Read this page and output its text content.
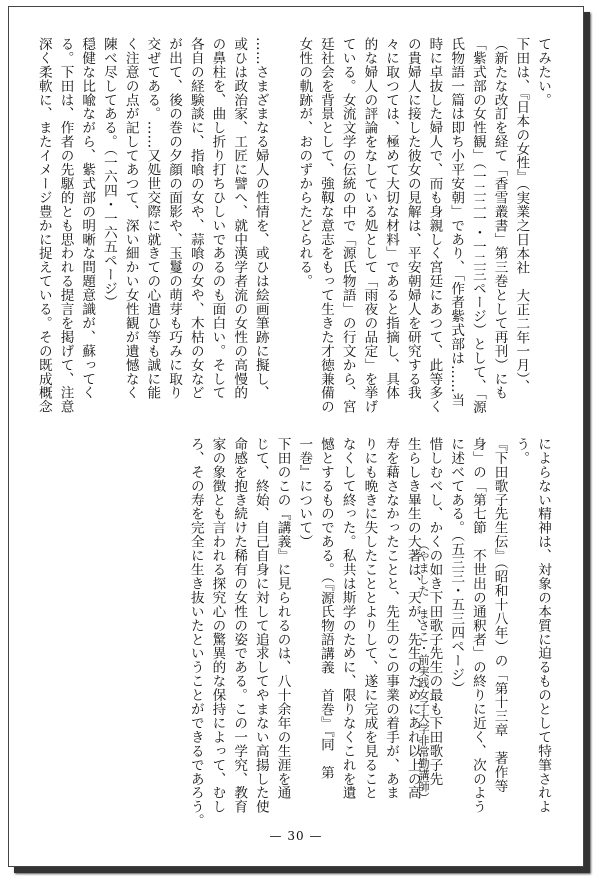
てみたい。

下田は、『日本の女性』（実業之日本社　大正二年一月）、

（新たな改訂を経て「香雪叢書」第三巻として再刊）にも

「紫式部の女性観」（一二二一・一二三ページ）として、「源

氏物語一篇は即ち小平安朝」であり、「作者紫式部は……当

時に卓抜した婦人で、而も身親しく宮廷にあつて、此等多く

の貴婦人に接した彼女の見解は、平安朝婦人を研究する我

々に取つては、極めて大切な材料」であると指摘し、具体

的な婦人の評論をなしている処として「雨夜の品定」を挙げ

ている。女流文学の伝統の中で「源氏物語」の行文から、宮

廷社会を背景として、強靱な意志をもって生きた才徳兼備の

女性の軌跡が、おのずからたどられる。

……さまざまなる婦人の性情を、或ひは絵画筆跡に擬し、

或ひは政治家、工匠に譬へ、就中漢学者流の女性の高慢的

の鼻柱を、曲し折り打ちひしいであるのも面白い。そして

各自の経験談に、指喰の女や、蒜喰の女や、木枯の女など

が出て、後の巻の夕顔の面影や、玉鬘の萌芽も巧みに取り

交ぜてある。……又処世交際に就きての心遣ひ等も誠に能

く注意の点が記してあつて、深い細かい女性観が遺憾なく

陳べ尽してある。（一六四・一六五ページ）

穏健な比喩ながら、紫式部の明晰な問題意識が、蘇ってく

る。下田は、作者の先駆的とも思われる提言を掲げて、注意

深く柔軟に、またイメージ豊かに捉えている。その既成概念

によらない精神は、対象の本質に迫るものとして特筆されよ

う。

『下田歌子先生伝』（昭和十八年）の「第十三章　著作等

身」の「第七節　不世出の通釈者」の終りに近く、次のよう

に述べてある。（五三三・五三四ページ）

惜しむべし、かくの如き下田歌子先生の最も下田歌子先

生らしき畢生の大著は、天が、先生のためにあれ以上の高

寿を藉さなかったことと、先生のこの事業の着手が、あま

りにも晩きに失したこととよりして、遂に完成を見ること

なくして終った。私共は斯学のために、限りなくこれを遺

憾とするものである。（『源氏物語講義　首巻』『同　第

一巻』について）

下田のこの『講義』に見られるのは、八十余年の生涯を通

じて、終始、自己自身に対して追求してやまない高揚した使

命感を抱き続けた稀有の女性の姿である。この一学究、教育

家の象徴とも言われる探究心の驚異的な保持によって、むし

ろ、その寿を完全に生き抜いたということができるであろう。	（やました　まさこ・前実践女子大学非常勤講師）
— 30 —
